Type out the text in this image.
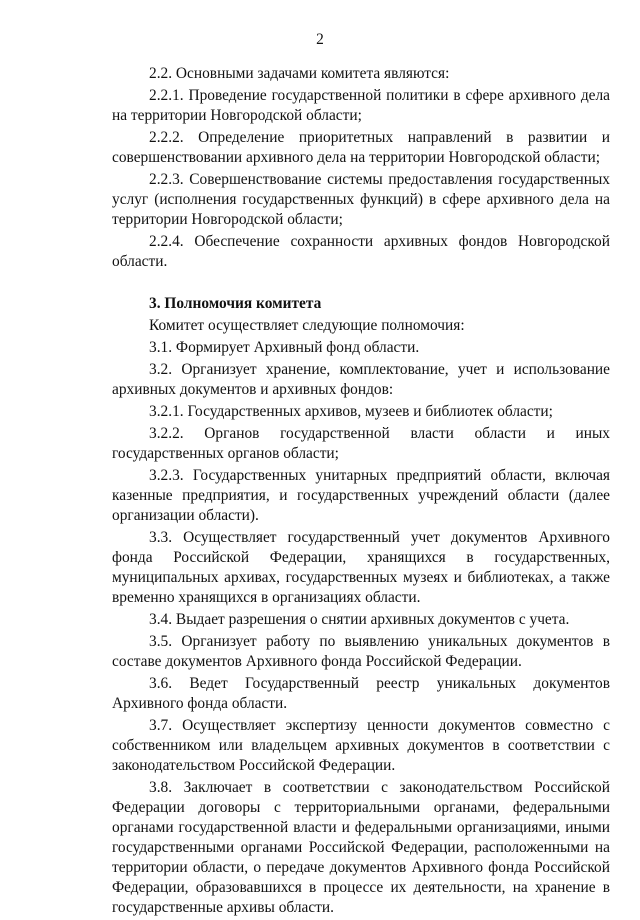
2

2.2. Основными задачами комитета являются:

2.2.1. Проведение государственной политики в сфере архивного дела на территории Новгородской области;

2.2.2. Определение приоритетных направлений в развитии и совершенствовании архивного дела на территории Новгородской области;

2.2.3. Совершенствование системы предоставления государственных услуг (исполнения государственных функций) в сфере архивного дела на территории Новгородской области;

2.2.4. Обеспечение сохранности архивных фондов Новгородской области.

3. Полномочия комитета

Комитет осуществляет следующие полномочия:

3.1. Формирует Архивный фонд области.

3.2. Организует хранение, комплектование, учет и использование архивных документов и архивных фондов:

3.2.1. Государственных архивов, музеев и библиотек области;

3.2.2. Органов государственной власти области и иных государственных органов области;

3.2.3. Государственных унитарных предприятий области, включая казенные предприятия, и государственных учреждений области (далее организации области).

3.3. Осуществляет государственный учет документов Архивного фонда Российской Федерации, хранящихся в государственных, муниципальных архивах, государственных музеях и библиотеках, а также временно хранящихся в организациях области.

3.4. Выдает разрешения о снятии архивных документов с учета.

3.5. Организует работу по выявлению уникальных документов в составе документов Архивного фонда Российской Федерации.

3.6. Ведет Государственный реестр уникальных документов Архивного фонда области.

3.7. Осуществляет экспертизу ценности документов совместно с собственником или владельцем архивных документов в соответствии с законодательством Российской Федерации.

3.8. Заключает в соответствии с законодательством Российской Федерации договоры с территориальными органами, федеральными органами государственной власти и федеральными организациями, иными государственными органами Российской Федерации, расположенными на территории области, о передаче документов Архивного фонда Российской Федерации, образовавшихся в процессе их деятельности, на хранение в государственные архивы области.
